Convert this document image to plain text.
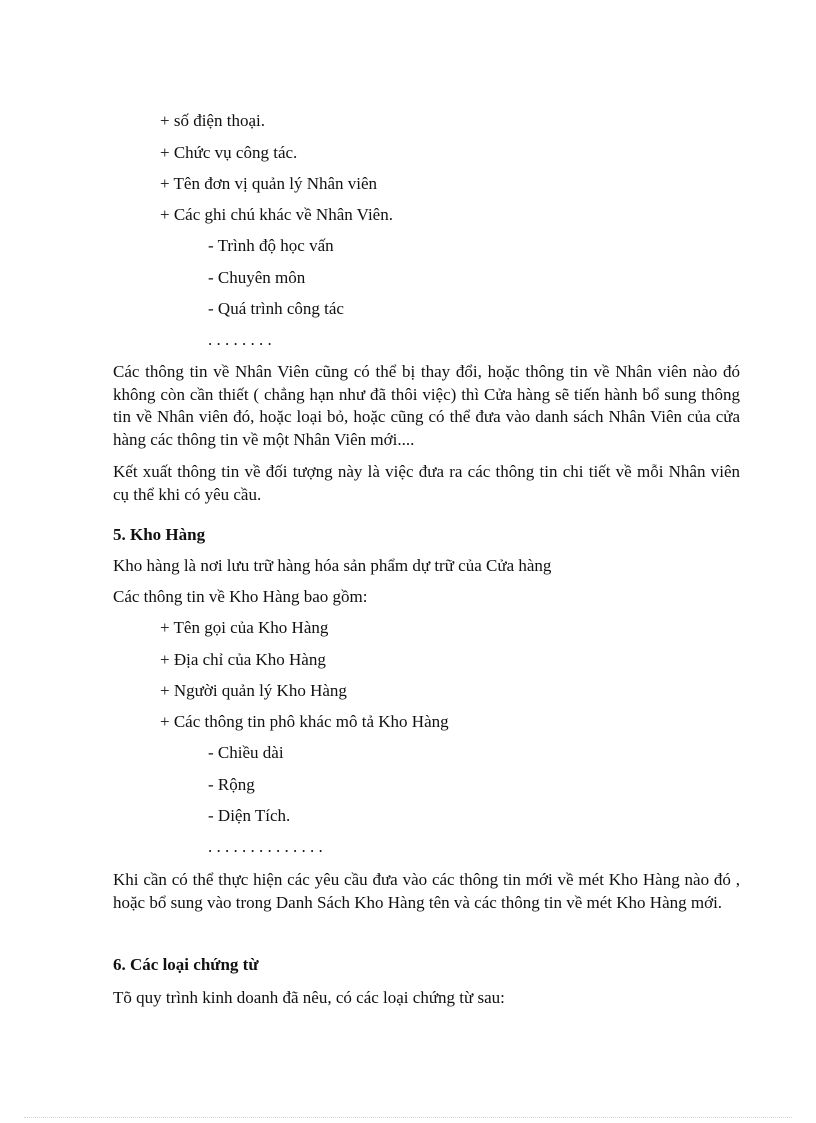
+ số điện thoại.
+ Chức vụ công tác.
+ Tên đơn vị quản lý Nhân viên
+ Các ghi chú khác về Nhân Viên.
- Trình độ học vấn
- Chuyên môn
- Quá trình công tác
. . . . . . . .

Các thông tin về Nhân Viên cũng có thể bị thay đổi, hoặc thông tin về Nhân viên nào đó không còn cần thiết ( chẳng hạn như đã thôi việc) thì Cửa hàng sẽ tiến hành bổ sung thông tin về Nhân viên đó, hoặc loại bỏ, hoặc cũng có thể đưa vào danh sách Nhân Viên của cửa hàng các thông tin về một Nhân Viên mới....

Kết xuất thông tin về đối tượng này là việc đưa ra các thông tin chi tiết về mỗi Nhân viên cụ thể khi có yêu cầu.

5. Kho Hàng
Kho hàng là nơi lưu trữ hàng hóa sản phẩm dự trữ của Cửa hàng
Các thông tin về Kho Hàng bao gồm:
+ Tên gọi của Kho Hàng
+ Địa chỉ của Kho Hàng
+ Người quản lý Kho Hàng
+ Các thông tin phô khác mô tả Kho Hàng
- Chiều dài
- Rộng
- Diện Tích.
. . . . . . . . . . . . . .

Khi cần có thể thực hiện các yêu cầu đưa vào các thông tin mới về mét Kho Hàng nào đó , hoặc bổ sung vào trong Danh Sách Kho Hàng tên và các thông tin về mét Kho Hàng mới.

6. Các loại chứng từ
Tõ quy trình kinh doanh đã nêu, có các loại chứng từ sau:
